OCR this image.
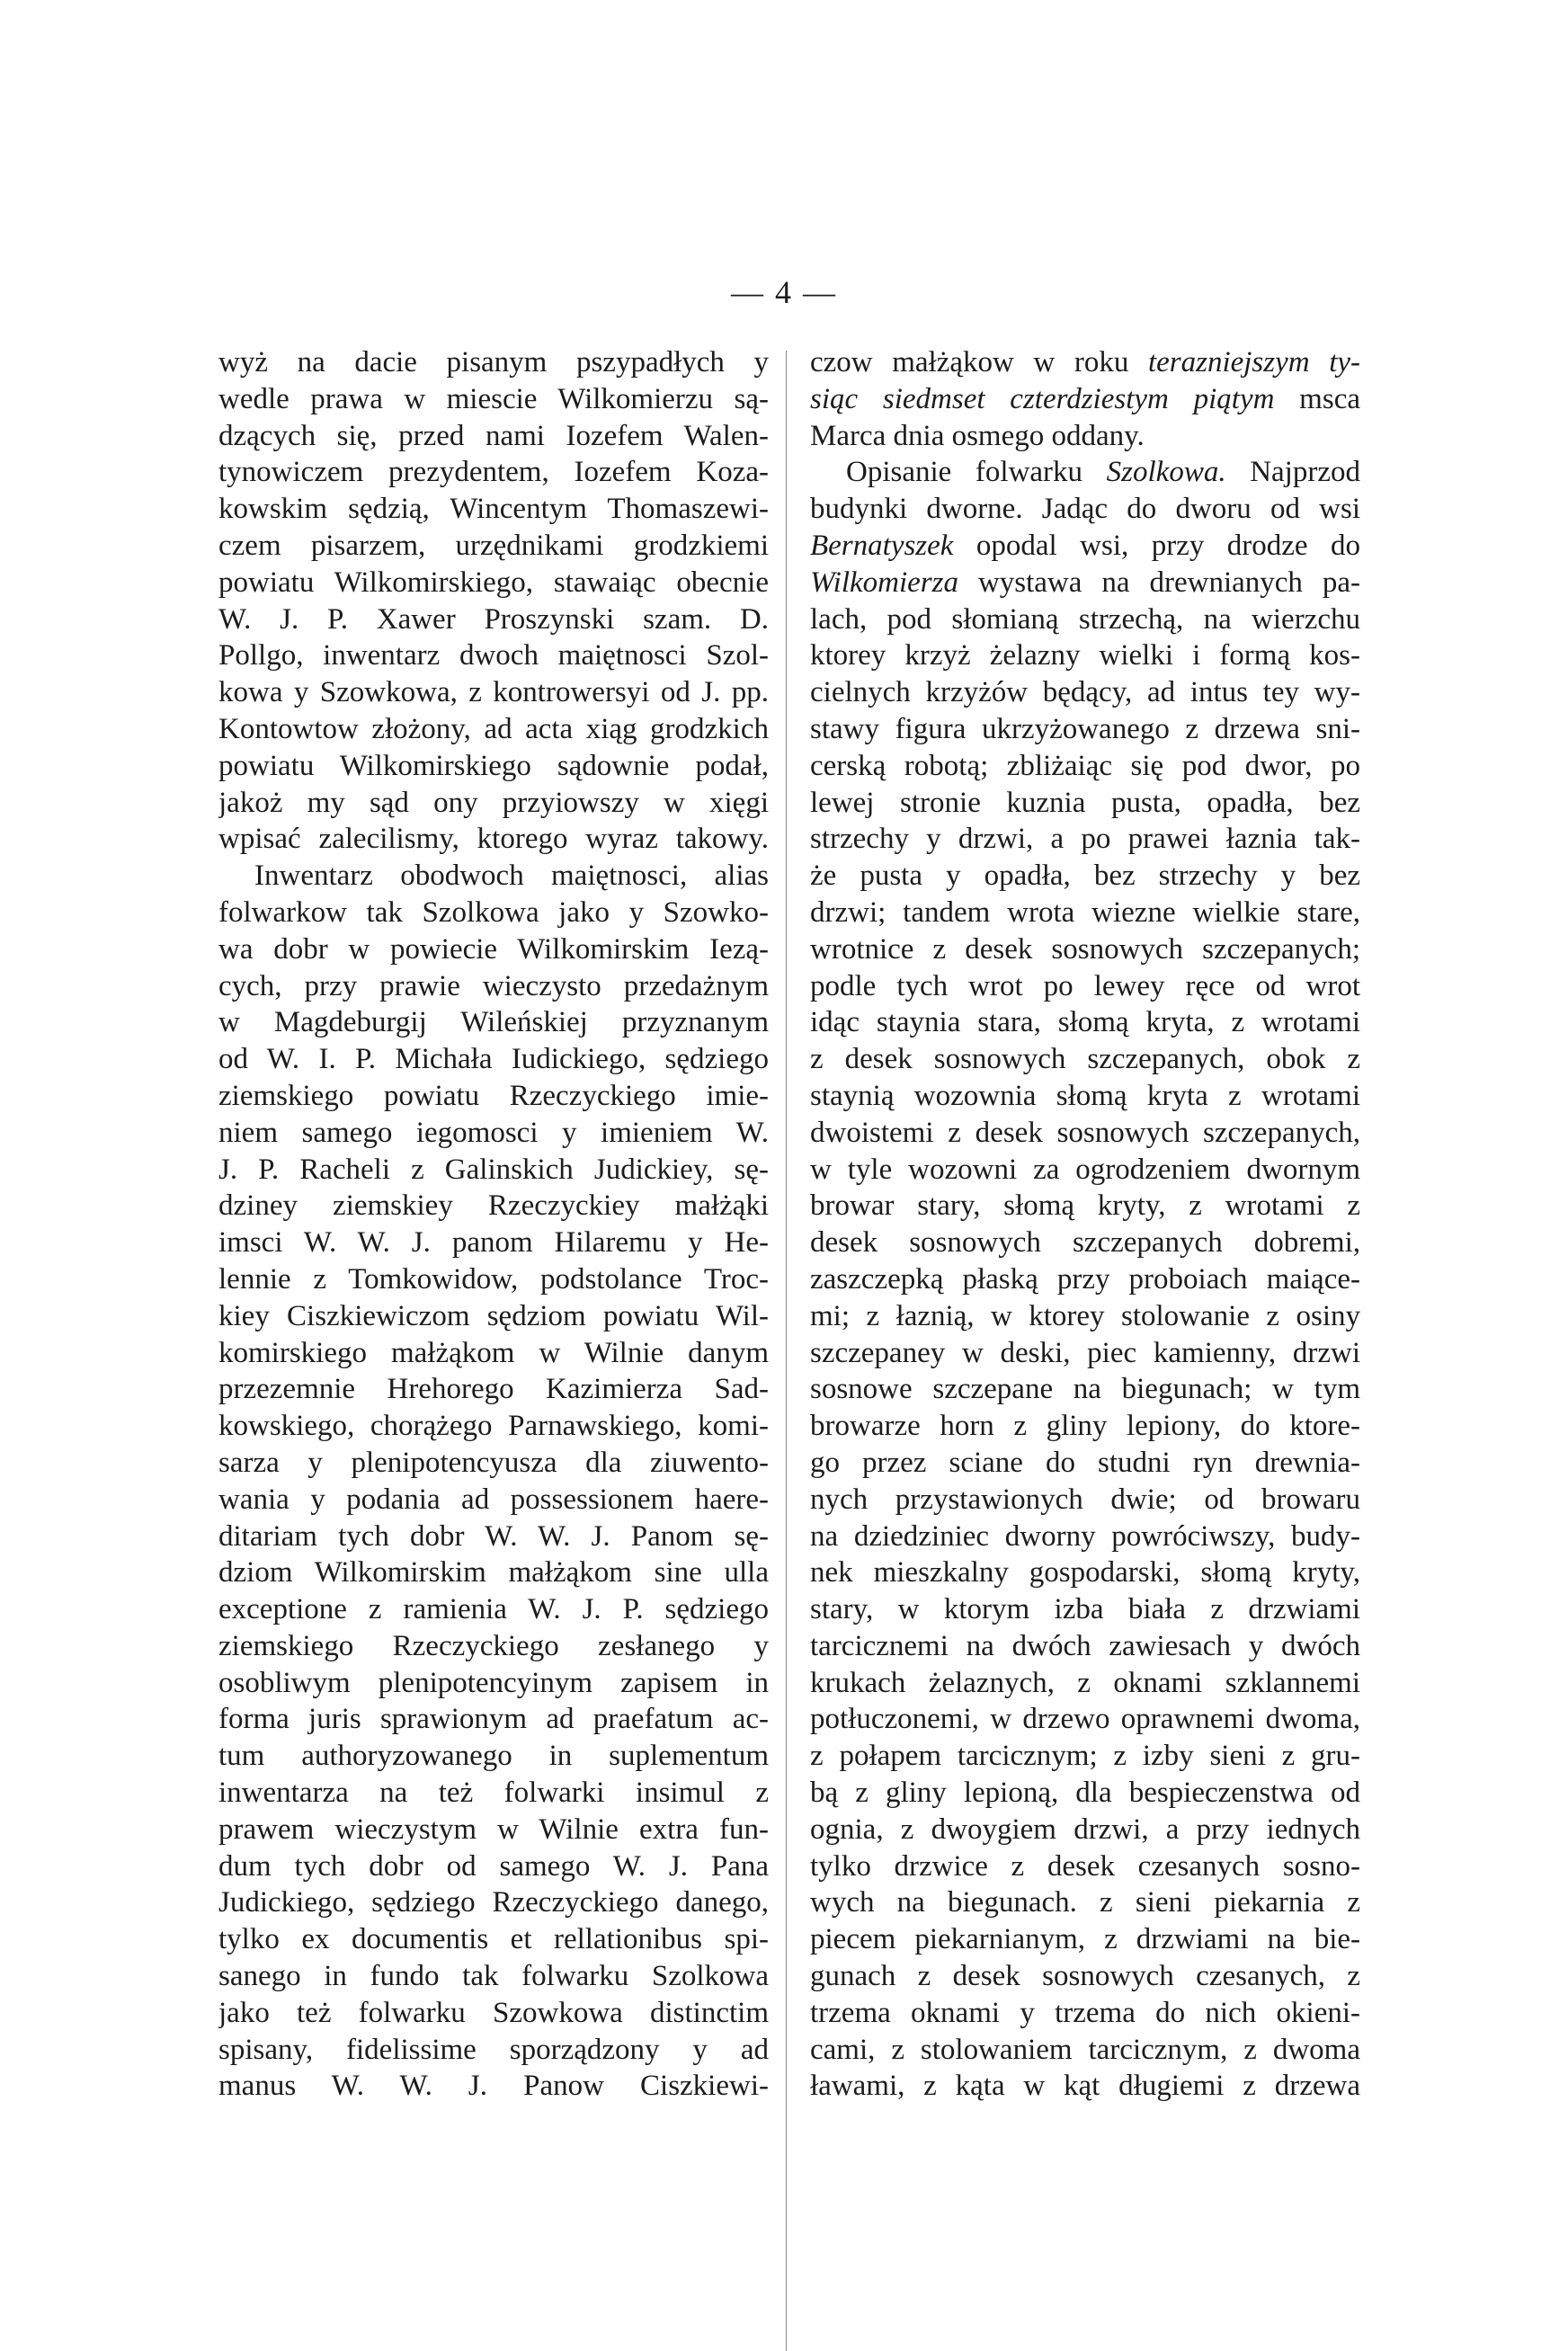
— 4 —
wyż na dacie pisanym pszypadłych y
wedle prawa w miescie Wilkomierzu są-
dzących się, przed nami Iozefem Walen-
tynowiczem prezydentem, Iozefem Koza-
kowskim sędzią, Wincentym Thomaszewi-
czem pisarzem, urzędnikami grodzkiemi
powiatu Wilkomirskiego, stawaiąc obecnie
W. J. P. Xawer Proszynski szam. D.
Pollgo, inwentarz dwoch maiętnosci Szol-
kowa y Szowkowa, z kontrowersyi od J. pp.
Kontowtow złożony, ad acta xiąg grodzkich
powiatu Wilkomirskiego sądownie podał,
jakoż my sąd ony przyiowszy w xięgi
wpisać zalecilismy, ktorego wyraz takowy.
Inwentarz obodwoch maiętnosci, alias
folwarkow tak Szolkowa jako y Szowko-
wa dobr w powiecie Wilkomirskim Iezą-
cych, przy prawie wieczysto przedażnym
w Magdeburgij Wileńskiej przyznanym
od W. I. P. Michała Iudickiego, sędziego
ziemskiego powiatu Rzeczyckiego imie-
niem samego iegomosci y imieniem W.
J. P. Racheli z Galinskich Judickiey, sę-
dziney ziemskiey Rzeczyckiey małżąki
imsci W. W. J. panom Hilaremu y He-
lennie z Tomkowidow, podstolance Troc-
kiey Ciszkiewiczom sędziom powiatu Wil-
komirskiego małżąkom w Wilnie danym
przezemnie Hrehorego Kazimierza Sad-
kowskiego, chorążego Parnawskiego, komi-
sarza y plenipotencyusza dla ziuwento-
wania y podania ad possessionem haere-
ditariam tych dobr W. W. J. Panom sę-
dziom Wilkomirskim małżąkom sine ulla
exceptione z ramienia W. J. P. sędziego
ziemskiego Rzeczyckiego zesłanego y
osobliwym plenipotencyinym zapisem in
forma juris sprawionym ad praefatum ac-
tum authoryzowanego in suplementum
inwentarza na też folwarki insimul z
prawem wieczystym w Wilnie extra fun-
dum tych dobr od samego W. J. Pana
Judickiego, sędziego Rzeczyckiego danego,
tylko ex documentis et rellationibus spi-
sanego in fundo tak folwarku Szolkowa
jako też folwarku Szowkowa distinctim
spisany, fidelissime sporządzony y ad
manus W. W. J. Panow Ciszkiewi-
czow małżąkow w roku terazniejszym ty-
siąc siedmset czterdziestym piątym msca
Marca dnia osmego oddany.
Opisanie folwarku Szolkowa. Najprzod
budynki dworne. Jadąc do dworu od wsi
Bernatyszek opodal wsi, przy drodze do
Wilkomierza wystawa na drewnianych pa-
lach, pod słomianą strzechą, na wierzchu
ktorey krzyż żelazny wielki i formą kos-
cielnych krzyżów będący, ad intus tey wy-
stawy figura ukrzyżowanego z drzewa sni-
cerską robotą; zbliżaiąc się pod dwor, po
lewej stronie kuznia pusta, opadła, bez
strzechy y drzwi, a po prawei łaznia tak-
że pusta y opadła, bez strzechy y bez
drzwi; tandem wrota wiezne wielkie stare,
wrotnice z desek sosnowych szczepanych;
podle tych wrot po lewey ręce od wrot
idąc staynia stara, słomą kryta, z wrotami
z desek sosnowych szczepanych, obok z
staynią wozownia słomą kryta z wrotami
dwoistemi z desek sosnowych szczepanych,
w tyle wozowni za ogrodzeniem dwornym
browar stary, słomą kryty, z wrotami z
desek sosnowych szczepanych dobremi,
zaszczepką płaską przy proboiach maiące-
mi; z łaznią, w ktorey stolowanie z osiny
szczepaney w deski, piec kamienny, drzwi
sosnowe szczepane na biegunach; w tym
browarze horn z gliny lepiony, do ktore-
go przez sciane do studni ryn drewnia-
nych przystawionych dwie; od browaru
na dziedziniec dworny powróciwszy, budy-
nek mieszkalny gospodarski, słomą kryty,
stary, w ktorym izba biała z drzwiami
tarcicznemi na dwóch zawiesach y dwóch
krukach żelaznych, z oknami szklannemi
potłuczonemi, w drzewo oprawnemi dwoma,
z połapem tarcicznym; z izby sieni z gru-
bą z gliny lepioną, dla bespieczenstwa od
ognia, z dwoygiem drzwi, a przy iednych
tylko drzwice z desek czesanych sosno-
wych na biegunach. z sieni piekarnia z
piecem piekarnianym, z drzwiami na bie-
gunach z desek sosnowych czesanych, z
trzema oknami y trzema do nich okieni-
cami, z stolowaniem tarcicznym, z dwoma
ławami, z kąta w kąt długiemi z drzewa
